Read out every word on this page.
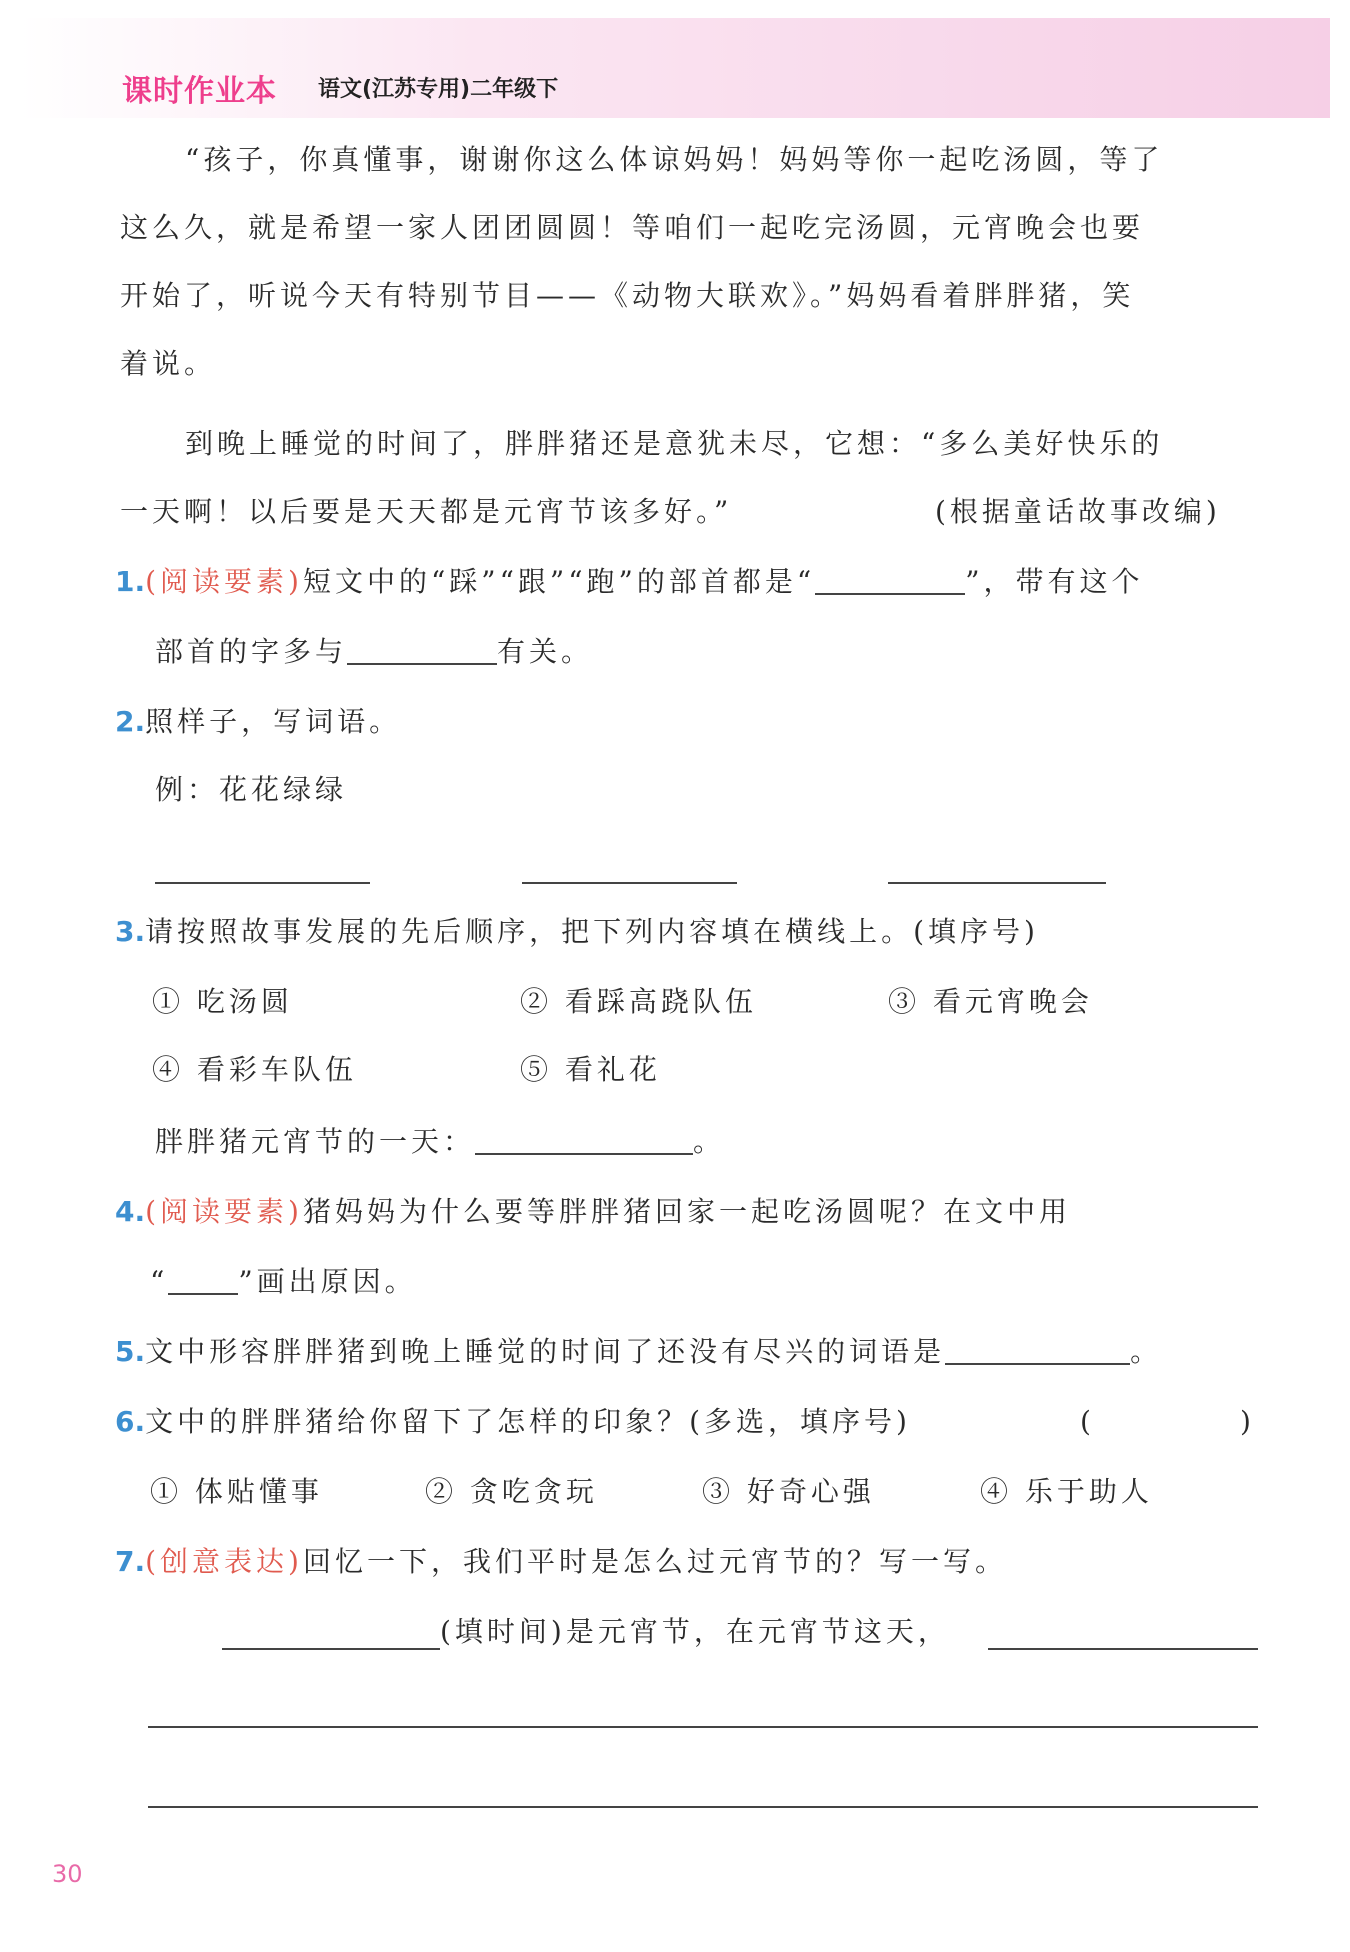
课时作业本 语文(江苏专用)二年级下
“孩子，你真懂事，谢谢你这么体谅妈妈！妈妈等你一起吃汤圆，等了
这么久，就是希望一家人团团圆圆！等咱们一起吃完汤圆，元宵晚会也要
开始了，听说今天有特别节目——《动物大联欢》。”妈妈看着胖胖猪，笑
着说。
到晚上睡觉的时间了，胖胖猪还是意犹未尽，它想：“多么美好快乐的
一天啊！以后要是天天都是元宵节该多好。”	(根据童话故事改编)
1.(阅读要素)短文中的“踩”“跟”“跑”的部首都是“	”，带有这个
部首的字多与	有关。
2.照样子，写词语。
例：花花绿绿
3.请按照故事发展的先后顺序，把下列内容填在横线上。(填序号)
① 吃汤圆	② 看踩高跷队伍	③ 看元宵晚会
④ 看彩车队伍	⑤ 看礼花
胖胖猪元宵节的一天：	。
4.(阅读要素)猪妈妈为什么要等胖胖猪回家一起吃汤圆呢？在文中用
“	”画出原因。
5.文中形容胖胖猪到晚上睡觉的时间了还没有尽兴的词语是	。
6.文中的胖胖猪给你留下了怎样的印象？(多选，填序号)	(	)
① 体贴懂事	② 贪吃贪玩	③ 好奇心强	④ 乐于助人
7.(创意表达)回忆一下，我们平时是怎么过元宵节的？写一写。
(填时间)是元宵节，在元宵节这天，
30
